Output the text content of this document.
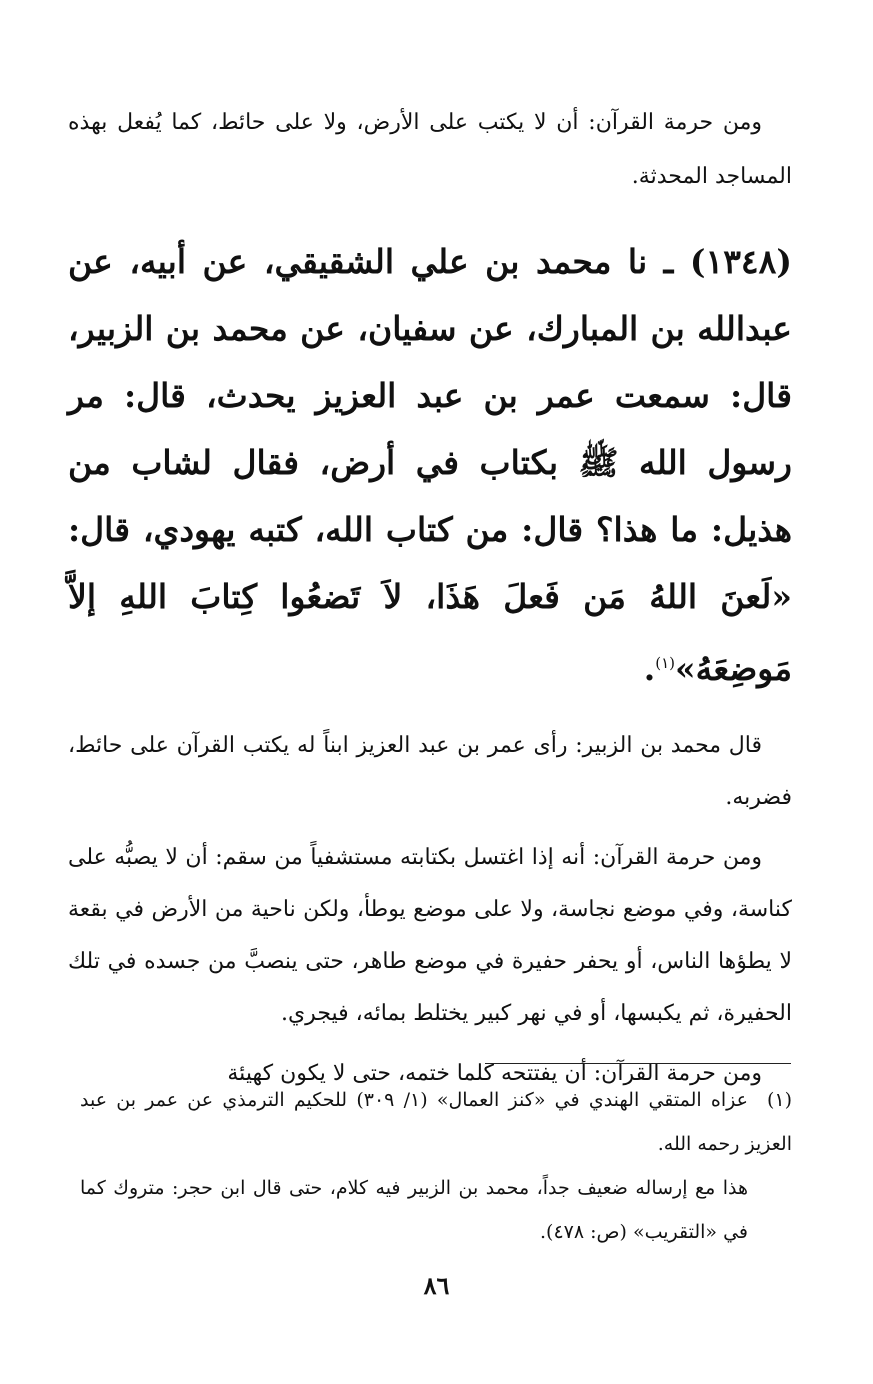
ومن حرمة القرآن: أن لا يكتب على الأرض، ولا على حائط، كما يُفعل بهذه المساجد المحدثة.

(١٣٤٨) ـ نا محمد بن علي الشقيقي، عن أبيه، عن عبدالله بن المبارك، عن سفيان، عن محمد بن الزبير، قال: سمعت عمر بن عبد العزيز يحدث، قال: مر رسول الله ﷺ بكتاب في أرض، فقال لشاب من هذيل: ما هذا؟ قال: من كتاب الله، كتبه يهودي، قال: «لَعنَ اللهُ مَن فَعلَ هَذَا، لاَ تَضعُوا كِتابَ اللهِ إلاَّ مَوضِعَهُ»$^{(١)}$.

قال محمد بن الزبير: رأى عمر بن عبد العزيز ابناً له يكتب القرآن على حائط، فضربه.

ومن حرمة القرآن: أنه إذا اغتسل بكتابته مستشفياً من سقم: أن لا يصبُّه على كناسة، وفي موضع نجاسة، ولا على موضع يوطأ، ولكن ناحية من الأرض في بقعة لا يطؤها الناس، أو يحفر حفيرة في موضع طاهر، حتى ينصبَّ من جسده في تلك الحفيرة، ثم يكبسها، أو في نهر كبير يختلط بمائه، فيجري.

ومن حرمة القرآن: أن يفتتحه كلما ختمه، حتى لا يكون كهيئة

(١)عزاه المتقي الهندي في «كنز العمال» (١/ ٣٠٩) للحكيم الترمذي عن عمر بن عبد العزيز رحمه الله.

هذا مع إرساله ضعيف جداً، محمد بن الزبير فيه كلام، حتى قال ابن حجر: متروك كما في «التقريب» (ص: ٤٧٨).

٨٦
